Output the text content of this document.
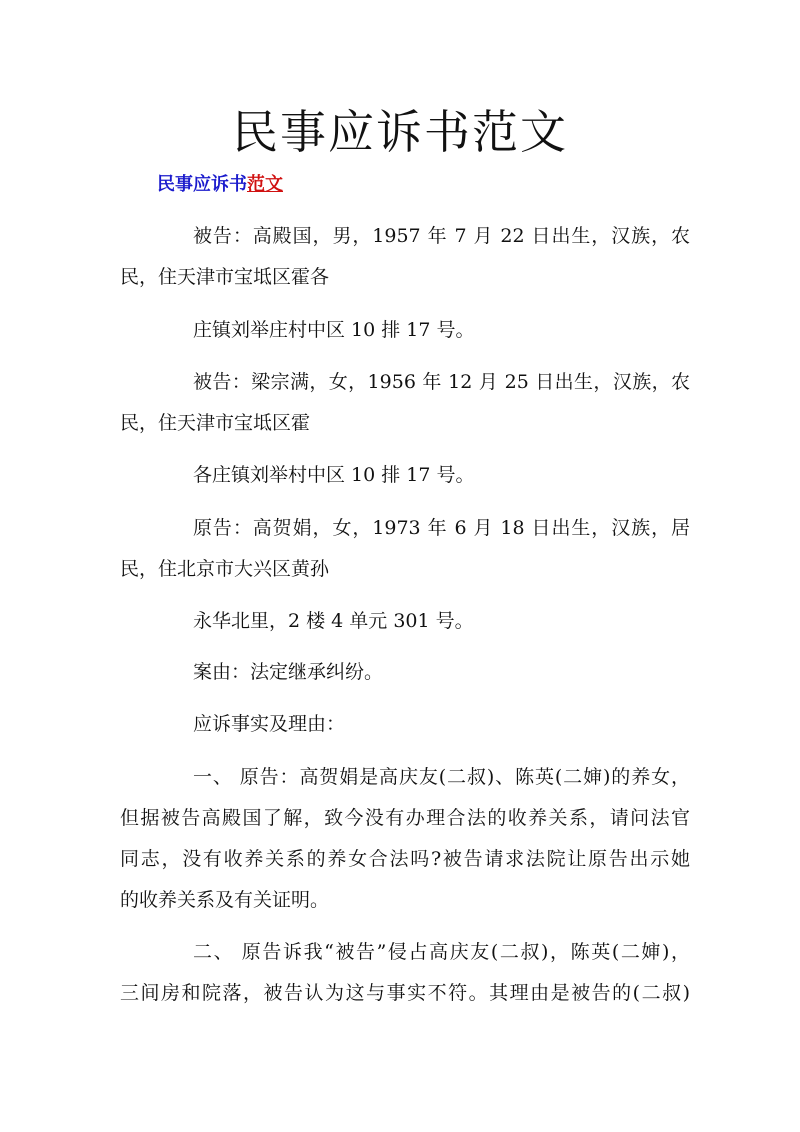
民事应诉书范文
民事应诉书范文
被告：高殿国，男，1957 年 7 月 22 日出生，汉族，农
民，住天津市宝坻区霍各
庄镇刘举庄村中区 10 排 17 号。
被告：梁宗满，女，1956 年 12 月 25 日出生，汉族，农
民，住天津市宝坻区霍
各庄镇刘举村中区 10 排 17 号。
原告：高贺娟，女，1973 年 6 月 18 日出生，汉族，居
民，住北京市大兴区黄孙
永华北里，2 楼 4 单元 301 号。
案由：法定继承纠纷。
应诉事实及理由：
一、 原告：高贺娟是高庆友(二叔)、陈英(二婶)的养女，
但据被告高殿国了解，致今没有办理合法的收养关系，请问法官
同志，没有收养关系的养女合法吗?被告请求法院让原告出示她
的收养关系及有关证明。
二、 原告诉我“被告”侵占高庆友(二叔)，陈英(二婶)，
三间房和院落，被告认为这与事实不符。其理由是被告的(二叔)
